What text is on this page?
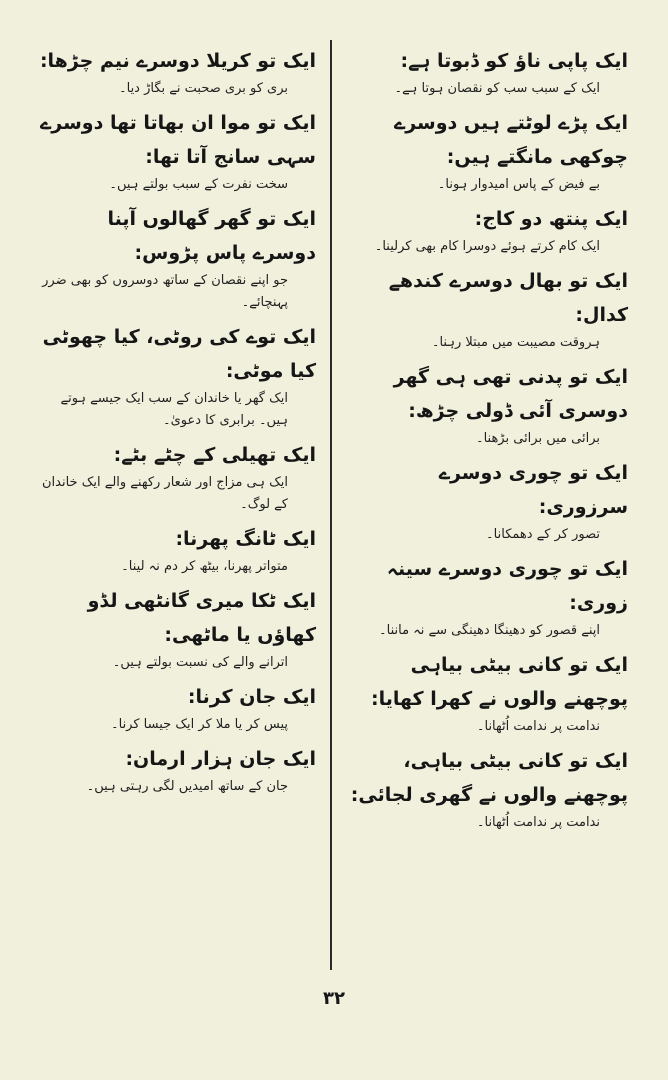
ایک پاپی ناؤ کو ڈبوتا ہے:

ایک کے سبب سب کو نقصان ہوتا ہے۔

ایک پڑے لوٹتے ہیں دوسرے چوکھی مانگتے ہیں:

بے فیض کے پاس امیدوار ہونا۔

ایک پنتھ دو کاج:

ایک کام کرتے ہوئے دوسرا کام بھی کرلینا۔

ایک تو بھال دوسرے کندھے کدال:

ہروقت مصیبت میں مبتلا رہنا۔

ایک تو پدنی تھی ہی گھر دوسری آئی ڈولی چڑھ:

برائی میں برائی بڑھنا۔

ایک تو چوری دوسرے سرزوری:

تصور کر کے دھمکانا۔

ایک تو چوری دوسرے سینہ زوری:

اپنے قصور کو دھینگا دھینگی سے نہ ماننا۔

ایک تو کانی بیٹی بیاہی پوچھنے والوں نے کھرا کھایا:

ندامت پر ندامت اُٹھانا۔

ایک تو کانی بیٹی بیاہی، پوچھنے والوں نے گھری لجائی:

ندامت پر ندامت اُٹھانا۔

ایک تو کریلا دوسرے نیم چڑھا:

بری کو بری صحبت نے بگاڑ دیا۔

ایک تو موا ان بھاتا تھا دوسرے سہی سانج آتا تھا:

سخت نفرت کے سبب بولتے ہیں۔

ایک تو گھر گھالوں آپنا دوسرے پاس پڑوس:

جو اپنے نقصان کے ساتھ دوسروں کو بھی ضرر پہنچائے۔

ایک توے کی روٹی، کیا چھوٹی کیا موٹی:

ایک گھر یا خاندان کے سب ایک جیسے ہوتے ہیں۔ برابری کا دعویٰ۔

ایک تھیلی کے چٹے بٹے:

ایک ہی مزاج اور شعار رکھنے والے ایک خاندان کے لوگ۔

ایک ٹانگ پھرنا:

متواتر پھرنا، بیٹھ کر دم نہ لینا۔

ایک ٹکا میری گانٹھی لڈو کھاؤں یا ماٹھی:

اترانے والے کی نسبت بولتے ہیں۔

ایک جان کرنا:

پیس کر یا ملا کر ایک جیسا کرنا۔

ایک جان ہزار ارمان:

جان کے ساتھ امیدیں لگی رہتی ہیں۔

۳۲
